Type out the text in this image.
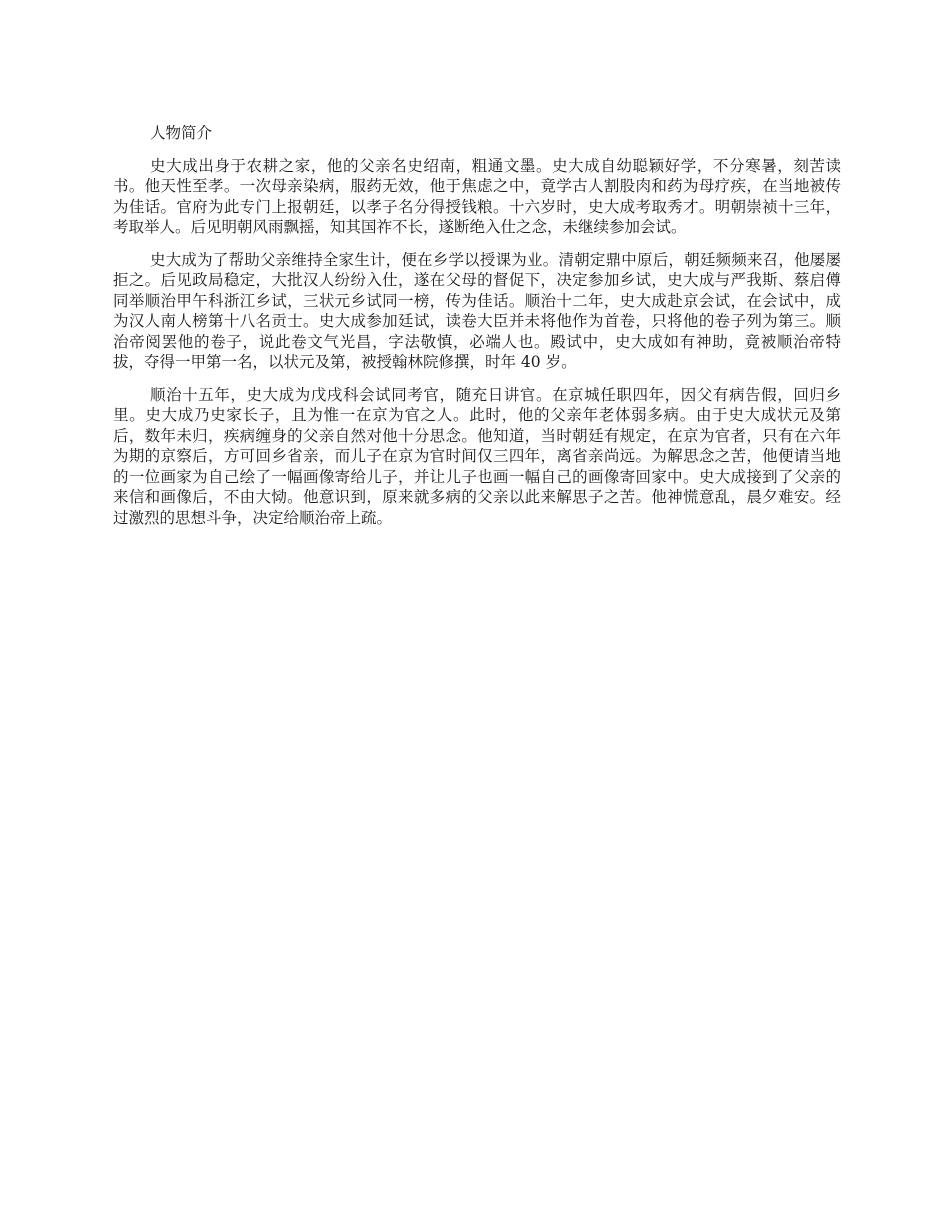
人物简介

史大成出身于农耕之家，他的父亲名史绍南，粗通文墨。史大成自幼聪颖好学，不分寒暑，刻苦读书。他天性至孝。一次母亲染病，服药无效，他于焦虑之中，竟学古人割股肉和药为母疗疾，在当地被传为佳话。官府为此专门上报朝廷，以孝子名分得授钱粮。十六岁时，史大成考取秀才。明朝崇祯十三年，考取举人。后见明朝风雨飘摇，知其国祚不长，遂断绝入仕之念，未继续参加会试。

史大成为了帮助父亲维持全家生计，便在乡学以授课为业。清朝定鼎中原后，朝廷频频来召，他屡屡拒之。后见政局稳定，大批汉人纷纷入仕，遂在父母的督促下，决定参加乡试，史大成与严我斯、蔡启僔同举顺治甲午科浙江乡试，三状元乡试同一榜，传为佳话。顺治十二年，史大成赴京会试，在会试中，成为汉人南人榜第十八名贡士。史大成参加廷试，读卷大臣并未将他作为首卷，只将他的卷子列为第三。顺治帝阅罢他的卷子，说此卷文气光昌，字法敬慎，必端人也。殿试中，史大成如有神助，竟被顺治帝特拔，夺得一甲第一名，以状元及第，被授翰林院修撰，时年 40 岁。

顺治十五年，史大成为戊戌科会试同考官，随充日讲官。在京城任职四年，因父有病告假，回归乡里。史大成乃史家长子，且为惟一在京为官之人。此时，他的父亲年老体弱多病。由于史大成状元及第后，数年未归，疾病缠身的父亲自然对他十分思念。他知道，当时朝廷有规定，在京为官者，只有在六年为期的京察后，方可回乡省亲，而儿子在京为官时间仅三四年，离省亲尚远。为解思念之苦，他便请当地的一位画家为自己绘了一幅画像寄给儿子，并让儿子也画一幅自己的画像寄回家中。史大成接到了父亲的来信和画像后，不由大恸。他意识到，原来就多病的父亲以此来解思子之苦。他神慌意乱，晨夕难安。经过激烈的思想斗争，决定给顺治帝上疏。
